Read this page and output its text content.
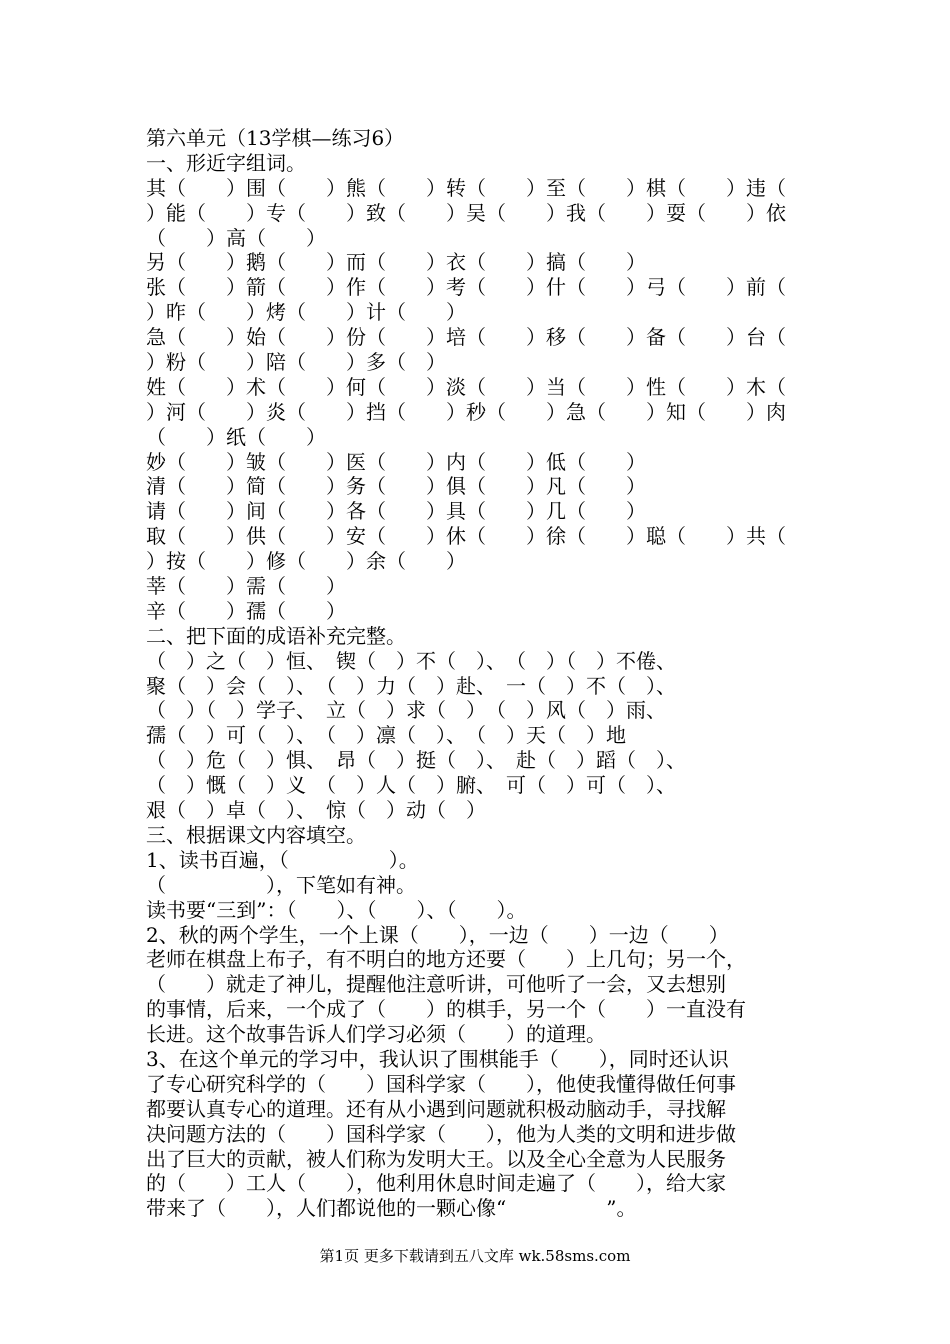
第六单元（13学棋—练习6）
一、形近字组词。
其（　　）围（　　）熊（　　）转（　　）至（　　）棋（　　）违（
）能（　　）专（　　）致（　　）吴（　　）我（　　）耍（　　）依
（　　）高（　　）
另（　　）鹅（　　）而（　　）衣（　　）搞（　　）
张（　　）箭（　　）作（　　）考（　　）什（　　）弓（　　）前（
）昨（　　）烤（　　）计（　　）
急（　　）始（　　）份（　　）培（　　）移（　　）备（　　）台（
）粉（　　）陪（　　）多（　）
姓（　　）术（　　）何（　　）淡（　　）当（　　）性（　　）木（
）河（　　）炎（　　）挡（　　）秒（　　）急（　　）知（　　）肉
（　　）纸（　　）
妙（　　）皱（　　）医（　　）内（　　）低（　　）
清（　　）简（　　）务（　　）俱（　　）凡（　　）
请（　　）间（　　）各（　　）具（　　）几（　　）
取（　　）供（　　）安（　　）休（　　）徐（　　）聪（　　）共（
）按（　　）修（　　）余（　　）
莘（　　）需（　　）
辛（　　）孺（　　）
二、把下面的成语补充完整。
（　）之（　）恒、　锲（　）不（　）、　（　）（　）不倦、
聚（　）会（　）、　（　）力（　）赴、　一（　）不（　）、
（　）（　）学子、　立（　）求（　）　（　）风（　）雨、
孺（　）可（　）、　（　）凛（　）、　（　）天（　）地
（　）危（　）惧、　昂（　）挺（　）、　赴（　）蹈（　）、
（　）慨（　）义　（　）人（　）腑、　可（　）可（　）、
艰（　）卓（　）、　惊（　）动（　）
三、根据课文内容填空。
1、读书百遍，（　　　　　）。
（　　　　　），下笔如有神。
读书要“三到”：（　　）、（　　）、（　　）。
2、秋的两个学生，一个上课（　　），一边（　　）一边（　　）
老师在棋盘上布子，有不明白的地方还要（　　）上几句；另一个，
（　　）就走了神儿，提醒他注意听讲，可他听了一会，又去想别
的事情，后来，一个成了（　　）的棋手，另一个（　　）一直没有
长进。这个故事告诉人们学习必须（　　）的道理。
3、在这个单元的学习中，我认识了围棋能手（　　），同时还认识
了专心研究科学的（　　）国科学家（　　），他使我懂得做任何事
都要认真专心的道理。还有从小遇到问题就积极动脑动手，寻找解
决问题方法的（　　）国科学家（　　），他为人类的文明和进步做
出了巨大的贡献，被人们称为发明大王。以及全心全意为人民服务
的（　　）工人（　　），他利用休息时间走遍了（　　），给大家
带来了（　　），人们都说他的一颗心像“　　　　　”。
第1页 更多下载请到五八文库 wk.58sms.com
